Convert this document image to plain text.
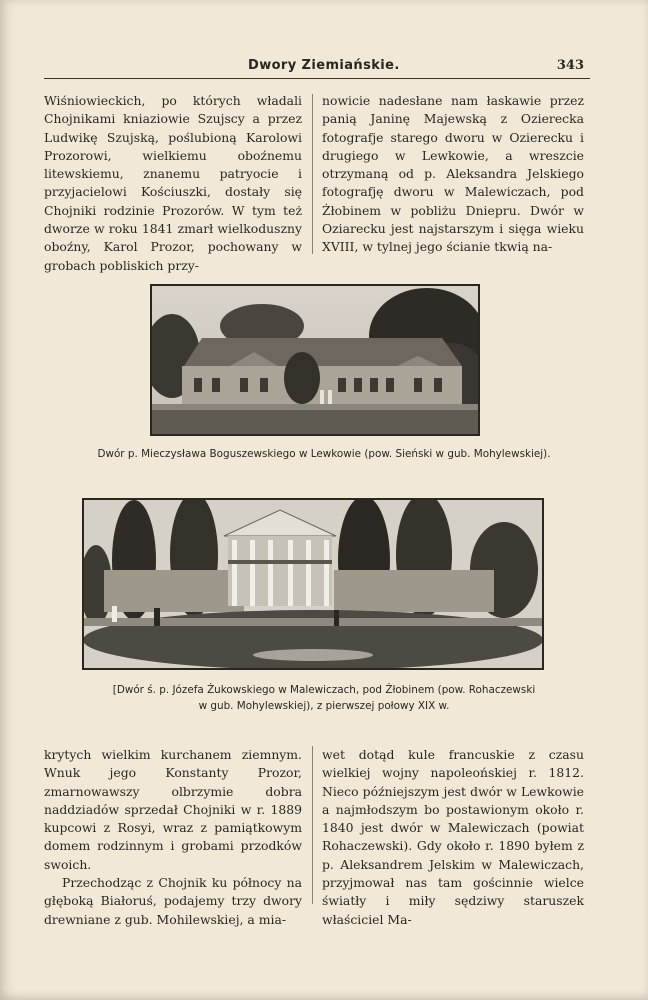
Dwory Ziemiańskie.	343

Wiśniowieckich, po których władali Chojnikami kniaziowie Szujscy a przez Ludwikę Szujską, poślubioną Karolowi Prozorowi, wielkiemu oboźnemu litewskiemu, znanemu patryocie i przyjacielowi Kościuszki, dostały się Chojniki rodzinie Prozorów. W tym też dworze w roku 1841 zmarł wielkoduszny oboźny, Karol Prozor, pochowany w grobach pobliskich przy-

nowicie nadesłane nam łaskawie przez panią Janinę Majewską z Ozierecka fotografje starego dworu w Ozierecku i drugiego w Lewkowie, a wreszcie otrzymaną od p. Aleksandra Jelskiego fotografję dworu w Malewiczach, pod Żłobinem w pobliżu Dniepru. Dwór w Oziarecku jest najstarszym i sięga wieku XVIII, w tylnej jego ścianie tkwią na-

Dwór p. Mieczysława Boguszewskiego w Lewkowie (pow. Sieński w gub. Mohylewskiej).
[Dwór ś. p. Józefa Żukowskiego w Malewiczach, pod Żłobinem (pow. Rohaczewski
w gub. Mohylewskiej), z pierwszej połowy XIX w.

krytych wielkim kurchanem ziemnym. Wnuk jego Konstanty Prozor, zmarnowawszy olbrzymie dobra naddziadów sprzedał Chojniki w r. 1889 kupcowi z Rosyi, wraz z pamiątkowym domem rodzinnym i grobami przodków swoich.

Przechodząc z Chojnik ku północy na głęboką Białoruś, podajemy trzy dwory drewniane z gub. Mohilewskiej, a mia-

wet dotąd kule francuskie z czasu wielkiej wojny napoleońskiej r. 1812. Nieco późniejszym jest dwór w Lewkowie a najmłodszym bo postawionym około r. 1840 jest dwór w Malewiczach (powiat Rohaczewski). Gdy około r. 1890 byłem z p. Aleksandrem Jelskim w Malewiczach, przyjmował nas tam gościnnie wielce światły i miły sędziwy staruszek właściciel Ma-
